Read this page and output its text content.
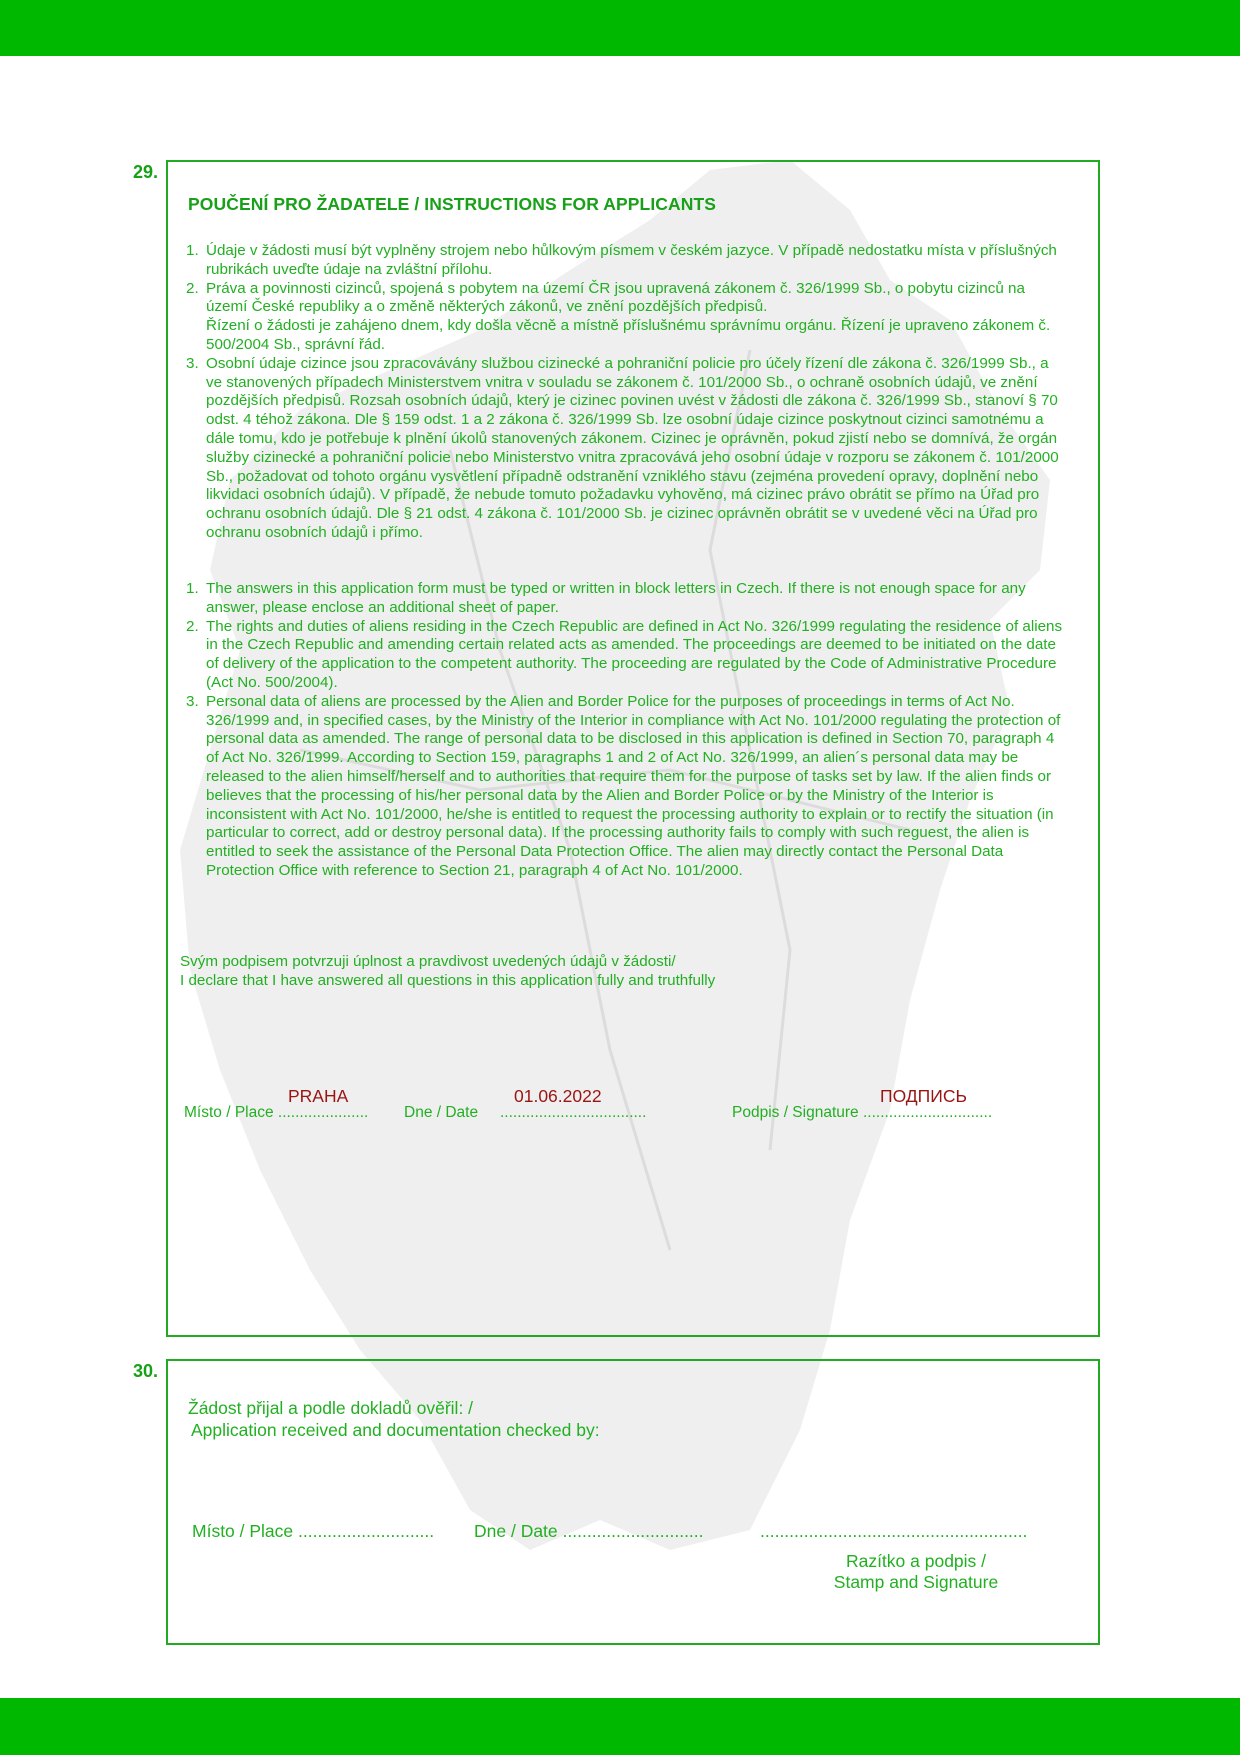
29.
POUČENÍ PRO ŽADATELE / INSTRUCTIONS FOR APPLICANTS
1. Údaje v žádosti musí být vyplněny strojem nebo hůlkovým písmem v českém jazyce. V případě nedostatku místa v příslušných rubrikách uveďte údaje na zvláštní přílohu.
2. Práva a povinnosti cizinců, spojená s pobytem na území ČR jsou upravená zákonem č. 326/1999 Sb., o pobytu cizinců na území České republiky a o změně některých zákonů, ve znění pozdějších předpisů.
Řízení o žádosti je zahájeno dnem, kdy došla věcně a místně příslušnému správnímu orgánu. Řízení je upraveno zákonem č. 500/2004 Sb., správní řád.
3. Osobní údaje cizince jsou zpracovávány službou cizinecké a pohraniční policie pro účely řízení dle zákona č. 326/1999 Sb., a ve stanovených případech Ministerstvem vnitra v souladu se zákonem č. 101/2000 Sb., o ochraně osobních údajů, ve znění pozdějších předpisů. Rozsah osobních údajů, který je cizinec povinen uvést v žádosti dle zákona č. 326/1999 Sb., stanoví § 70 odst. 4 téhož zákona. Dle § 159 odst. 1 a 2 zákona č. 326/1999 Sb. lze osobní údaje cizince poskytnout cizinci samotnému a dále tomu, kdo je potřebuje k plnění úkolů stanovených zákonem. Cizinec je oprávněn, pokud zjistí nebo se domnívá, že orgán služby cizinecké a pohraniční policie nebo Ministerstvo vnitra zpracovává jeho osobní údaje v rozporu se zákonem č. 101/2000 Sb., požadovat od tohoto orgánu vysvětlení případně odstranění vzniklého stavu (zejména provedení opravy, doplnění nebo likvidaci osobních údajů). V případě, že nebude tomuto požadavku vyhověno, má cizinec právo obrátit se přímo na Úřad pro ochranu osobních údajů. Dle § 21 odst. 4 zákona č. 101/2000 Sb. je cizinec oprávněn obrátit se v uvedené věci na Úřad pro ochranu osobních údajů i přímo.
1. The answers in this application form must be typed or written in block letters in Czech. If there is not enough space for any answer, please enclose an additional sheet of paper.
2. The rights and duties of aliens residing in the Czech Republic are defined in Act No. 326/1999 regulating the residence of aliens in the Czech Republic and amending certain related acts as amended. The proceedings are deemed to be initiated on the date of delivery of the application to the competent authority. The proceeding are regulated by the Code of Administrative Procedure (Act No. 500/2004).
3. Personal data of aliens are processed by the Alien and Border Police for the purposes of proceedings in terms of Act No. 326/1999 and, in specified cases, by the Ministry of the Interior in compliance with Act No. 101/2000 regulating the protection of personal data as amended. The range of personal data to be disclosed in this application is defined in Section 70, paragraph 4 of Act No. 326/1999. According to Section 159, paragraphs 1 and 2 of Act No. 326/1999, an alien´s personal data may be released to the alien himself/herself and to authorities that require them for the purpose of tasks set by law. If the alien finds or believes that the processing of his/her personal data by the Alien and Border Police or by the Ministry of the Interior is inconsistent with Act No. 101/2000, he/she is entitled to request the processing authority to explain or to rectify the situation (in particular to correct, add or destroy personal data). If the processing authority fails to comply with such reguest, the alien is entitled to seek the assistance of the Personal Data Protection Office. The alien may directly contact the Personal Data Protection Office with reference to Section 21, paragraph 4 of Act No. 101/2000.
Svým podpisem potvrzuji úplnost a pravdivost uvedených údajů v žádosti/
I declare that I have answered all questions in this application fully and truthfully
Místo / Place .....................
PRAHA
Dne / Date ..................................
01.06.2022
Podpis / Signature ..............................
ПОДПИСЬ
30.
Žádost přijal a podle dokladů ověřil: /
Application received and documentation checked by:
Místo / Place ............................ Dne / Date .............................	.......................................................
Razítko a podpis /
Stamp and Signature
